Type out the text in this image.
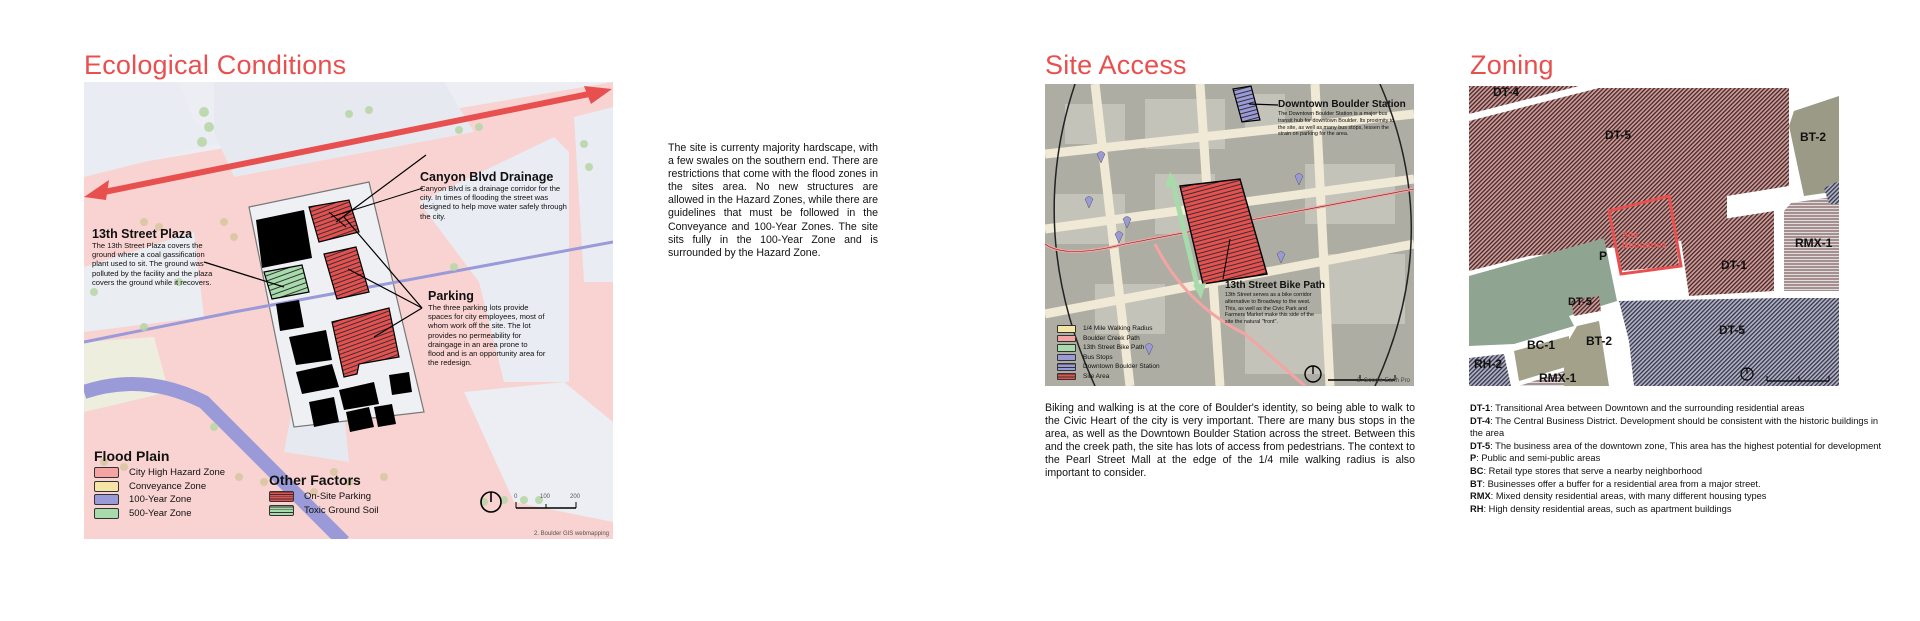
Ecological Conditions
Canyon Blvd Drainage
Canyon Blvd is a drainage corridor for the city. In times of flooding the street was designed to help move water safely through the city.
13th Street Plaza
The 13th Street Plaza covers the ground where a coal gassification plant used to sit. The ground was polluted by the facility and the plaza covers the ground while it recovers.
Parking
The three parking lots provide spaces for city employees, most of whom work off the site. The lot provides no permeability for draingage in an area prone to flood and is an opportunity area for the redesign.
Flood Plain
City High Hazard Zone
Conveyance Zone
100-Year Zone
500-Year Zone
Other Factors
On-Site Parking
Toxic Ground Soil
0	100	200
2. Boulder GIS webmapping
The site is currenty majority hardscape, with a few swales on the southern end. There are restrictions that come with the flood zones in the sites area. No new structures are allowed in the Hazard Zones, while there are guidelines that must be followed in the Conveyance and 100-Year Zones. The site sits fully in the 100-Year Zone and is surrounded by the Hazard Zone.
Site Access
Downtown Boulder Station
The Downtown Boulder Station is a major bus transit hub for downtown Boulder. Its proximity to the site, as well as many bus stops, lessen the strain on parking for the area.
13th Street Bike Path
13th Street serves as a bike corridor alternative to Broadway to the west. This, as well as the Civic Park and Farmers Market make this side of the site the natural "front".
1/4 Mile Walking Radius
Boulder Creek Path
13th Street Bike Path
Bus Stops
Downtown Boulder Station
Site Area
3. Google Earth Pro
Biking and walking is at the core of Boulder's identity, so being able to walk to the Civic Heart of the city is very important. There are many bus stops in the area, as well as the Downtown Boulder Station across the street. Between this and the creek path, the site has lots of access from pedestrians. The context to the Pearl Street Mall at the edge of the 1/4 mile walking radius is also important to consider.
Zoning
DT-4
DT-5	BT-2
RMX-1
P
DT-1
DT-5
DT-5
BC-1	BT-2
RH-2
RMX-1
Site Boundries
DT-1: Transitional Area between Downtown and the surrounding residential areas
DT-4: The Central Business District. Development should be consistent with the historic buildings in the area
DT-5: The business area of the downtown zone, This area has the highest potential for development
P: Public and semi-public areas
BC: Retail type stores that serve a nearby neighborhood
BT: Businesses offer a buffer for a residential area from a major street.
RMX: Mixed density residential areas, with many different housing types
RH: High density residential areas, such as apartment buildings
